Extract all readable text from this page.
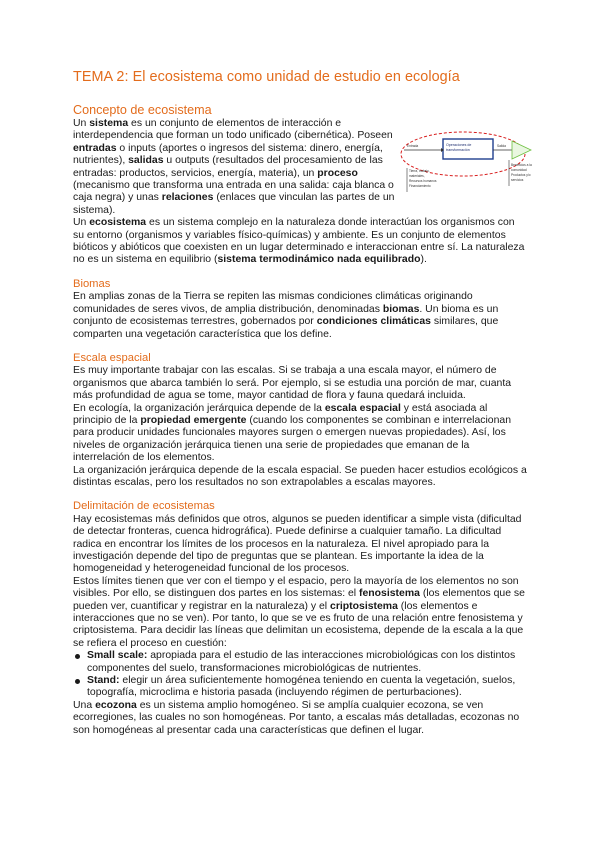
TEMA 2: El ecosistema como unidad de estudio en ecología
Concepto de ecosistema

Un sistema es un conjunto de elementos de interacción e interdependencia que forman un todo unificado (cibernética). Poseen entradas o inputs (aportes o ingresos del sistema: dinero, energía, nutrientes), salidas u outputs (resultados del procesamiento de las entradas: productos, servicios, energía, materia), un proceso (mecanismo que transforma una entrada en una salida: caja blanca o caja negra) y unas relaciones (enlaces que vinculan las partes de un sistema).

Entrada	Operaciones de
transformación
Salida
Tierra, trabajo,
materiales,
Recursos humanos
Financiamiento
Beneficios a la
comunidad
Productos y/o
servicios

Un ecosistema es un sistema complejo en la naturaleza donde interactúan los organismos con su entorno (organismos y variables físico-químicas) y ambiente. Es un conjunto de elementos bióticos y abióticos que coexisten en un lugar determinado e interaccionan entre sí. La naturaleza no es un sistema en equilibrio (sistema termodinámico nada equilibrado).

Biomas

En amplias zonas de la Tierra se repiten las mismas condiciones climáticas originando comunidades de seres vivos, de amplia distribución, denominadas biomas. Un bioma es un conjunto de ecosistemas terrestres, gobernados por condiciones climáticas similares, que comparten una vegetación característica que los define.

Escala espacial

Es muy importante trabajar con las escalas. Si se trabaja a una escala mayor, el número de organismos que abarca también lo será. Por ejemplo, si se estudia una porción de mar, cuanta más profundidad de agua se tome, mayor cantidad de flora y fauna quedará incluida.

En ecología, la organización jerárquica depende de la escala espacial y está asociada al principio de la propiedad emergente (cuando los componentes se combinan e interrelacionan para producir unidades funcionales mayores surgen o emergen nuevas propiedades). Así, los niveles de organización jerárquica tienen una serie de propiedades que emanan de la interrelación de los elementos.

La organización jerárquica depende de la escala espacial. Se pueden hacer estudios ecológicos a distintas escalas, pero los resultados no son extrapolables a escalas mayores.

Delimitación de ecosistemas

Hay ecosistemas más definidos que otros, algunos se pueden identificar a simple vista (dificultad de detectar fronteras, cuenca hidrográfica). Puede definirse a cualquier tamaño. La dificultad radica en encontrar los límites de los procesos en la naturaleza. El nivel apropiado para la investigación depende del tipo de preguntas que se plantean. Es importante la idea de la homogeneidad y heterogeneidad funcional de los procesos.

Estos límites tienen que ver con el tiempo y el espacio, pero la mayoría de los elementos no son visibles. Por ello, se distinguen dos partes en los sistemas: el fenosistema (los elementos que se pueden ver, cuantificar y registrar en la naturaleza) y el criptosistema (los elementos e interacciones que no se ven). Por tanto, lo que se ve es fruto de una relación entre fenosistema y criptosistema. Para decidir las líneas que delimitan un ecosistema, depende de la escala a la que se refiera el proceso en cuestión:

Small scale: apropiada para el estudio de las interacciones microbiológicas con los distintos componentes del suelo, transformaciones microbiológicas de nutrientes.
Stand: elegir un área suficientemente homogénea teniendo en cuenta la vegetación, suelos, topografía, microclima e historia pasada (incluyendo régimen de perturbaciones).

Una ecozona es un sistema amplio homogéneo. Si se amplía cualquier ecozona, se ven ecorregiones, las cuales no son homogéneas. Por tanto, a escalas más detalladas, ecozonas no son homogéneas al presentar cada una características que definen el lugar.
